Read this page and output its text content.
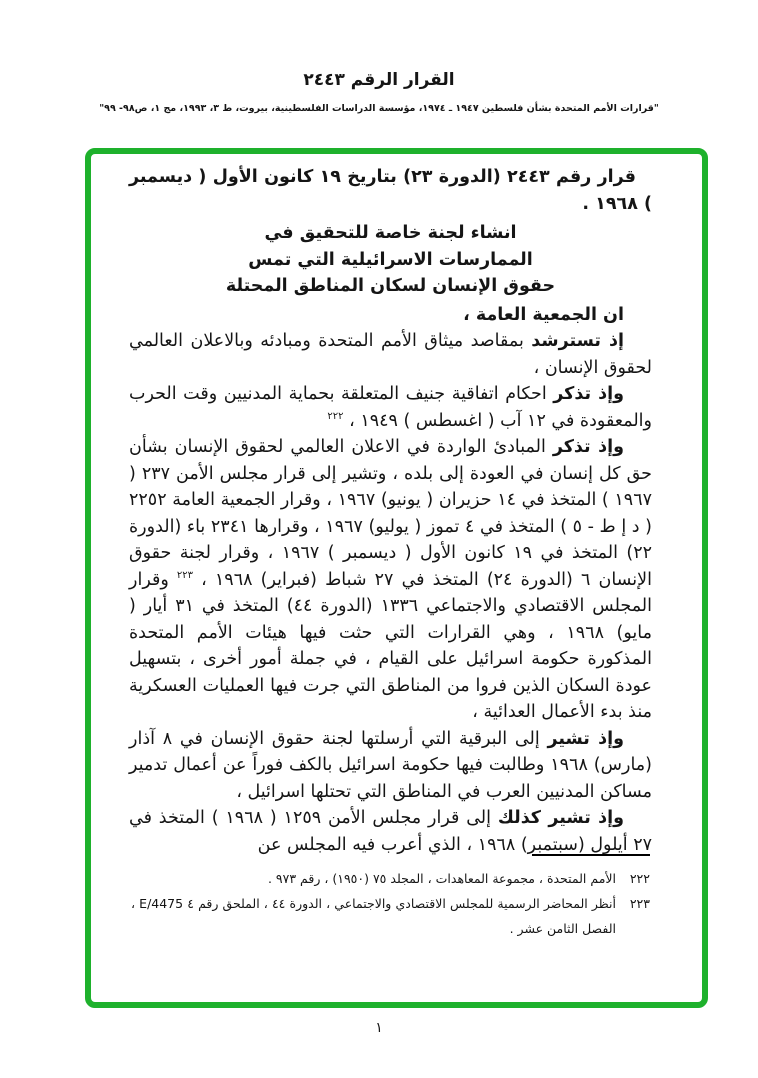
القرار الرقم ٢٤٤٣
"قرارات الأمم المتحدة بشأن فلسطين ١٩٤٧ ـ ١٩٧٤، مؤسسة الدراسات الفلسطينية، بيروت، ط ٣، ١٩٩٣، مج ١، ص٩٨- ٩٩"

قرار رقم ٢٤٤٣ (الدورة ٢٣) بتاريخ ١٩ كانون الأول ( ديسمبر ) ١٩٦٨ .

انشاء لجنة خاصة للتحقيق في
الممارسات الاسرائيلية التي تمس
حقوق الإنسان لسكان المناطق المحتلة

ان الجمعية العامة ،

إذ تسترشد بمقاصد ميثاق الأمم المتحدة ومبادئه وبالاعلان العالمي لحقوق الإنسان ،

وإذ تذكر احكام اتفاقية جنيف المتعلقة بحماية المدنيين وقت الحرب والمعقودة في ١٢ آب ( اغسطس ) ١٩٤٩ ، $^{٢٢٢}$

وإذ تذكر المبادئ الواردة في الاعلان العالمي لحقوق الإنسان بشأن حق كل إنسان في العودة إلى بلده ، وتشير إلى قرار مجلس الأمن ٢٣٧ ( ١٩٦٧ ) المتخذ في ١٤ حزيران ( يونيو) ١٩٦٧ ، وقرار الجمعية العامة ٢٢٥٢ ( د إ ط - ٥ ) المتخذ في ٤ تموز ( يوليو) ١٩٦٧ ، وقرارها ٢٣٤١ باء (الدورة ٢٢) المتخذ في ١٩ كانون الأول ( ديسمبر ) ١٩٦٧ ، وقرار لجنة حقوق الإنسان ٦ (الدورة ٢٤) المتخذ في ٢٧ شباط (فبراير) ١٩٦٨ ، $^{٢٢٣}$ وقرار المجلس الاقتصادي والاجتماعي ١٣٣٦ (الدورة ٤٤) المتخذ في ٣١ أيار ( مايو) ١٩٦٨ ، وهي القرارات التي حثت فيها هيئات الأمم المتحدة المذكورة حكومة اسرائيل على القيام ، في جملة أمور أخرى ، بتسهيل عودة السكان الذين فروا من المناطق التي جرت فيها العمليات العسكرية منذ بدء الأعمال العدائية ،

وإذ تشير إلى البرقية التي أرسلتها لجنة حقوق الإنسان في ٨ آذار (مارس) ١٩٦٨ وطالبت فيها حكومة اسرائيل بالكف فوراً عن أعمال تدمير مساكن المدنيين العرب في المناطق التي تحتلها اسرائيل ،

وإذ تشير كذلك إلى قرار مجلس الأمن ١٢٥٩ ( ١٩٦٨ ) المتخذ في ٢٧ أيلول (سبتمبر) ١٩٦٨ ، الذي أعرب فيه المجلس عن

٢٢٢
الأمم المتحدة ، مجموعة المعاهدات ، المجلد ٧٥ (١٩٥٠) ، رقم ٩٧٣ .
٢٢٣
أنظر المحاضر الرسمية للمجلس الاقتصادي والاجتماعي ، الدورة ٤٤ ، الملحق رقم ٤ E/4475 ، الفصل الثامن عشر .
١
